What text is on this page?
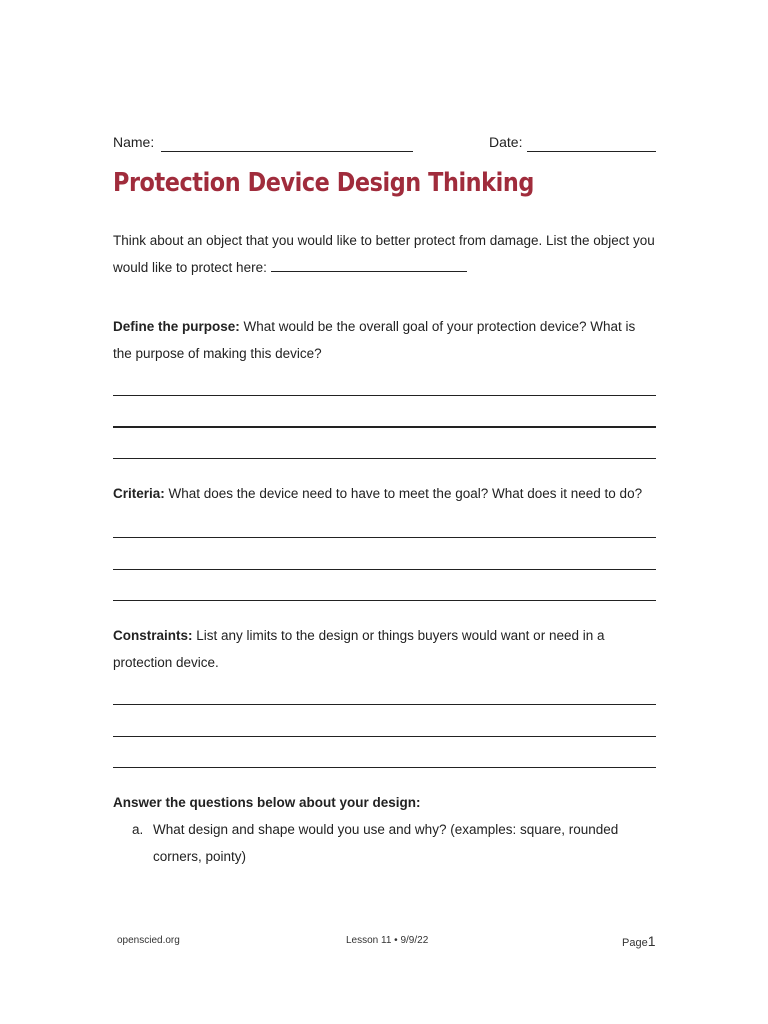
Name:	Date:
Protection Device Design Thinking
Think about an object that you would like to better protect from damage. List the object you
would like to protect here:
Define the purpose: What would be the overall goal of your protection device? What is the purpose of making this device?
Criteria: What does the device need to have to meet the goal? What does it need to do?
Constraints: List any limits to the design or things buyers would want or need in a protection device.
Answer the questions below about your design:
a. What design and shape would you use and why? (examples: square, rounded corners, pointy)
openscied.org	Lesson 11 • 9/9/22	Page1
